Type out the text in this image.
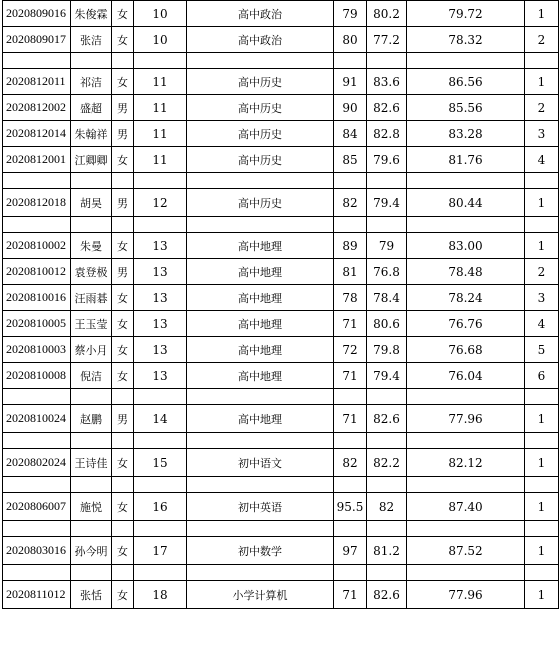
2020809016	朱俊霖	女	10	高中政治	79	80.2	79.72	1
2020809017	张洁	女	10	高中政治	80	77.2	78.32	2

2020812011	祁洁	女	11	高中历史	91	83.6	86.56	1
2020812002	盛超	男	11	高中历史	90	82.6	85.56	2
2020812014	朱翰祥	男	11	高中历史	84	82.8	83.28	3
2020812001	江卿卿	女	11	高中历史	85	79.6	81.76	4

2020812018	胡昊	男	12	高中历史	82	79.4	80.44	1

2020810002	朱曼	女	13	高中地理	89	79	83.00	1
2020810012	袁登极	男	13	高中地理	81	76.8	78.48	2
2020810016	汪雨碁	女	13	高中地理	78	78.4	78.24	3
2020810005	王玉莹	女	13	高中地理	71	80.6	76.76	4
2020810003	蔡小月	女	13	高中地理	72	79.8	76.68	5
2020810008	倪洁	女	13	高中地理	71	79.4	76.04	6

2020810024	赵鹏	男	14	高中地理	71	82.6	77.96	1

2020802024	王诗佳	女	15	初中语文	82	82.2	82.12	1

2020806007	施悦	女	16	初中英语	95.5	82	87.40	1

2020803016	孙今明	女	17	初中数学	97	81.2	87.52	1

2020811012	张恬	女	18	小学计算机	71	82.6	77.96	1
